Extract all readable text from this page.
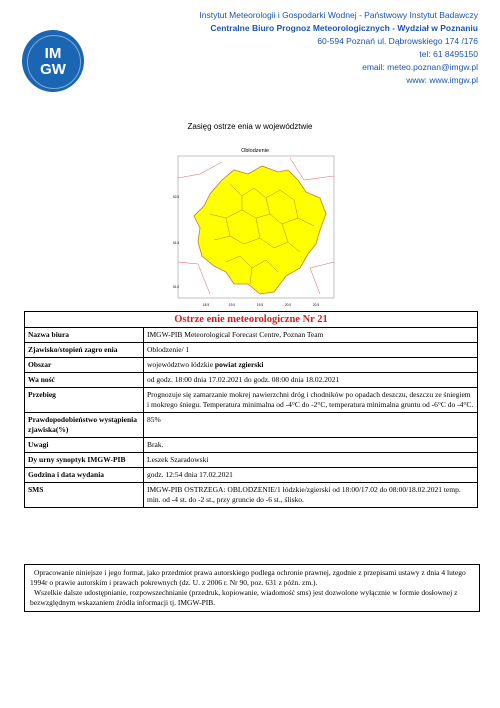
IM
GW
Instytut Meteorologii i Gospodarki Wodnej - Państwowy Instytut Badawczy
Centralne Biuro Prognoz Meteorologicznych - Wydział w Poznaniu
60-594 Poznań ul. Dąbrowskiego 174 /176
tel: 61 8495150
email: meteo.poznan@imgw.pl
www: www.imgw.pl
Zasięg ostrze enia w województwie
Oblodzenie
52.5
51.5
51.0
18.5	19.0	19.5	20.0	20.5
Ostrze enie meteorologiczne Nr 21
Nazwa biura	IMGW-PIB Meteorological Forecast Centre, Poznan Team
Zjawisko/stopień zagro enia	Oblodzenie/ 1
Obszar	województwo łódzkie powiat zgierski
Wa ność	od godz. 18:00 dnia 17.02.2021 do godz. 08:00 dnia 18.02.2021
Przebieg	Prognozuje się zamarzanie mokrej nawierzchni dróg i chodników po opadach deszczu, deszczu ze śniegiem i mokrego śniegu. Temperatura minimalna od -4°C do -2°C, temperatura minimalna gruntu od -6°C do -4°C.
Prawdopodobieństwo wystąpienia zjawiska(%)	85%
Uwagi	Brak.
Dy urny synoptyk IMGW-PIB	Leszek Szaradowski
Godzina i data wydania	godz. 12:54 dnia 17.02.2021
SMS	IMGW-PIB OSTRZEGA: OBLODZENIE/1 łódzkie/zgierski od 18:00/17.02 do 08:00/18.02.2021 temp. min. od -4 st. do -2 st., przy gruncie do -6 st., ślisko.
Opracowanie niniejsze i jego format, jako przedmiot prawa autorskiego podlega ochronie prawnej, zgodnie z przepisami ustawy z dnia 4 lutego 1994r o prawie autorskim i prawach pokrewnych (dz. U. z 2006 r. Nr 90, poz. 631 z późn. zm.).
Wszelkie dalsze udostępnianie, rozpowszechnianie (przedruk, kopiowanie, wiadomość sms) jest dozwolone wyłącznie w formie dosłownej z bezwzględnym wskazaniem źródła informacji tj. IMGW-PIB.
